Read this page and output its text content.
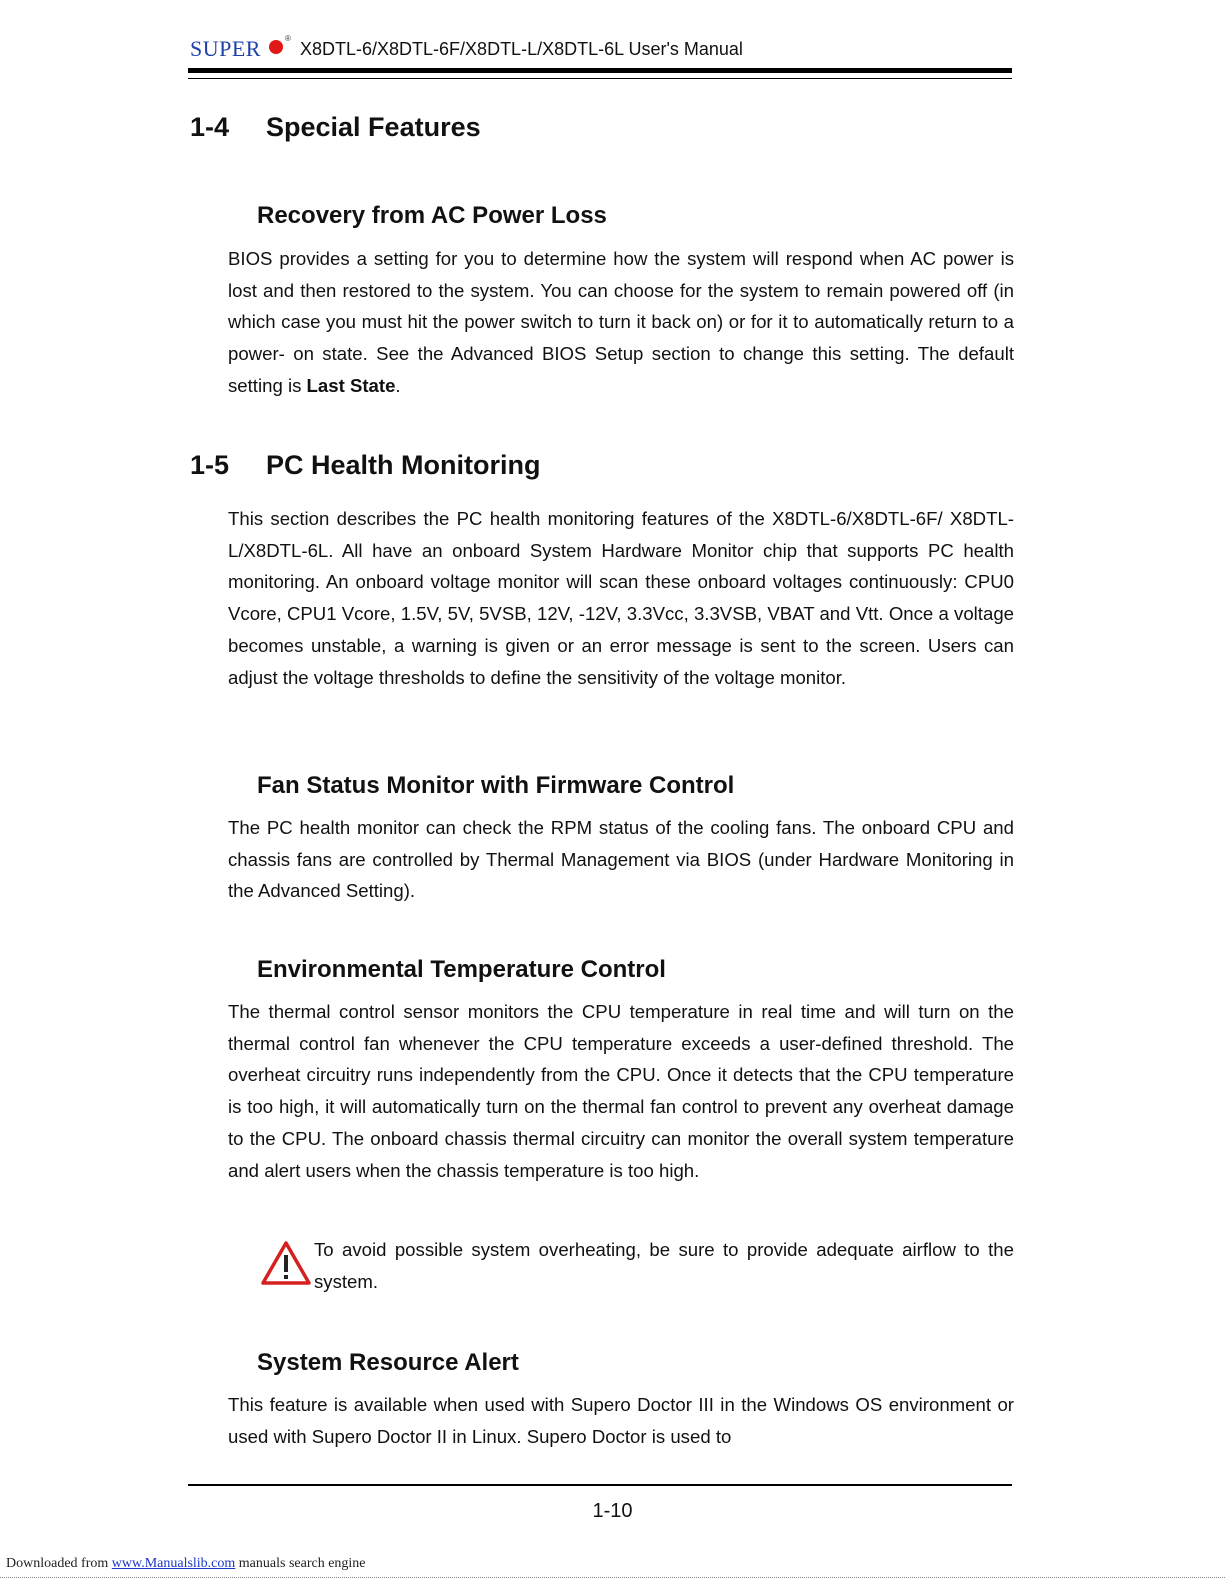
SUPER	®
X8DTL-6/X8DTL-6F/X8DTL-L/X8DTL-6L User's Manual
1-4 Special Features
Recovery from AC Power Loss

BIOS provides a setting for you to determine how the system will respond when AC power is lost and then restored to the system. You can choose for the system to remain powered off (in which case you must hit the power switch to turn it back on) or for it to automatically return to a power- on state. See the Advanced BIOS Setup section to change this setting. The default setting is Last State.

1-5 PC Health Monitoring

This section describes the PC health monitoring features of the X8DTL-6/X8DTL-6F/ X8DTL-L/X8DTL-6L. All have an onboard System Hardware Monitor chip that supports PC health monitoring. An onboard voltage monitor will scan these onboard voltages continuously: CPU0 Vcore, CPU1 Vcore, 1.5V, 5V, 5VSB, 12V, -12V, 3.3Vcc, 3.3VSB, VBAT and Vtt. Once a voltage becomes unstable, a warning is given or an error message is sent to the screen. Users can adjust the voltage thresholds to define the sensitivity of the voltage monitor.

Fan Status Monitor with Firmware Control

The PC health monitor can check the RPM status of the cooling fans. The onboard CPU and chassis fans are controlled by Thermal Management via BIOS (under Hardware Monitoring in the Advanced Setting).

Environmental Temperature Control

The thermal control sensor monitors the CPU temperature in real time and will turn on the thermal control fan whenever the CPU temperature exceeds a user-defined threshold. The overheat circuitry runs independently from the CPU. Once it detects that the CPU temperature is too high, it will automatically turn on the thermal fan control to prevent any overheat damage to the CPU. The onboard chassis thermal circuitry can monitor the overall system temperature and alert users when the chassis temperature is too high.

To avoid possible system overheating, be sure to provide adequate airflow to the system.

System Resource Alert

This feature is available when used with Supero Doctor III in the Windows OS environment or used with Supero Doctor II in Linux. Supero Doctor is used to

1-10
Downloaded from www.Manualslib.com manuals search engine
